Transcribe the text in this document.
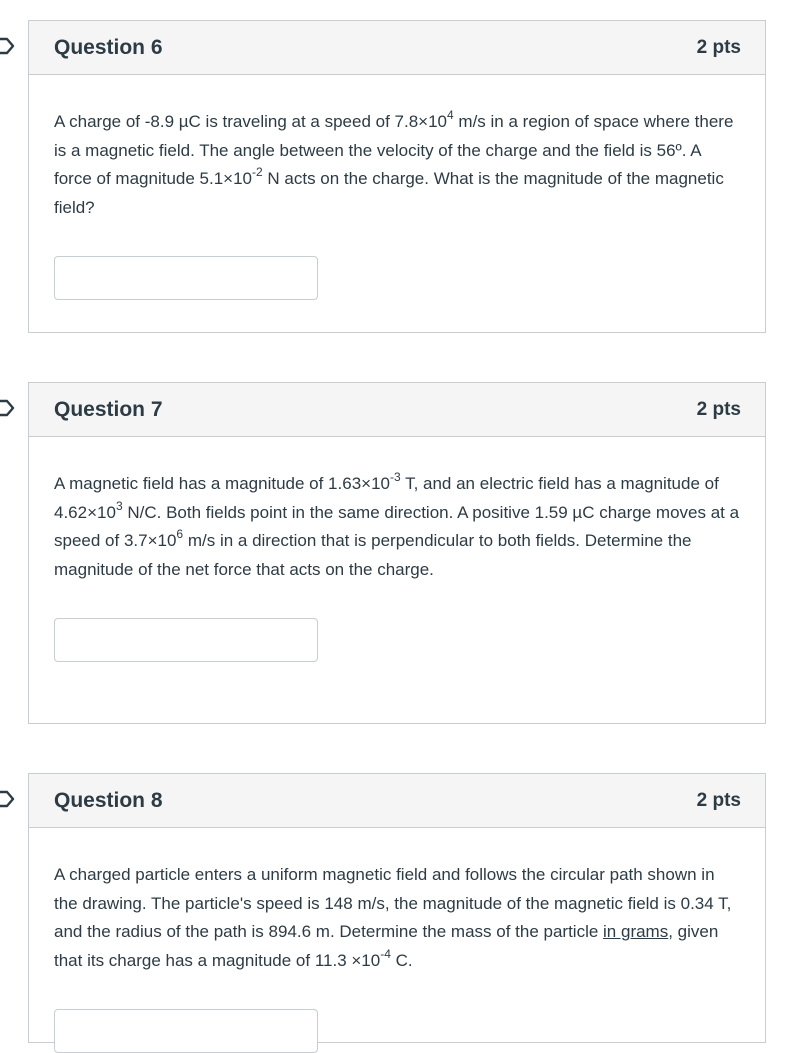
Question 6	2 pts

A charge of -8.9 µC is traveling at a speed of $7.8\times 10^4$ m/s in a region of space where there is a magnetic field. The angle between the velocity of the charge and the field is 56º. A force of magnitude $5.1\times 10^{-2}$ N acts on the charge. What is the magnitude of the magnetic field?

Question 7	2 pts

A magnetic field has a magnitude of $1.63\times 10^{-3}$ T, and an electric field has a magnitude of $4.62\times 10^3$ N/C. Both fields point in the same direction. A positive 1.59 µC charge moves at a speed of $3.7\times 10^6$ m/s in a direction that is perpendicular to both fields. Determine the magnitude of the net force that acts on the charge.

Question 8	2 pts

A charged particle enters a uniform magnetic field and follows the circular path shown in the drawing. The particle's speed is 148 m/s, the magnitude of the magnetic field is 0.34 T, and the radius of the path is 894.6 m. Determine the mass of the particle in grams, given that its charge has a magnitude of $11.3 \times 10^{-4}$ C.
